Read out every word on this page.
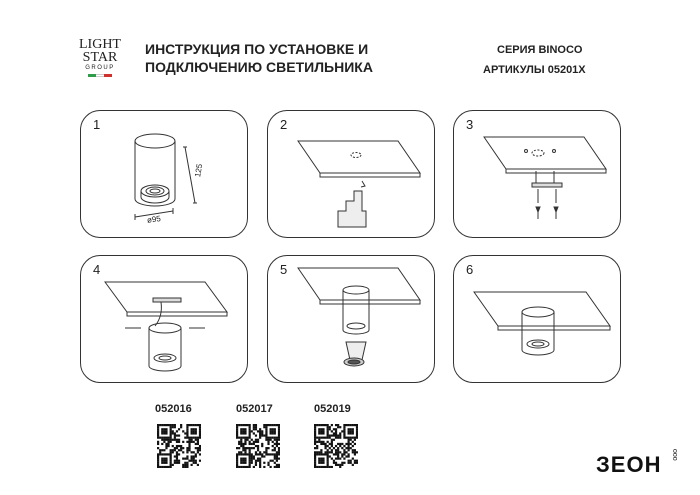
LIGHT
STAR
GROUP
ИНСТРУКЦИЯ ПО УСТАНОВКЕ И
ПОДКЛЮЧЕНИЮ СВЕТИЛЬНИКА
СЕРИЯ BINOCO
АРТИКУЛЫ 05201X
1
125
ø95
2	3
4	5	6
052016	052017	052019
ЗЕОН ооо
